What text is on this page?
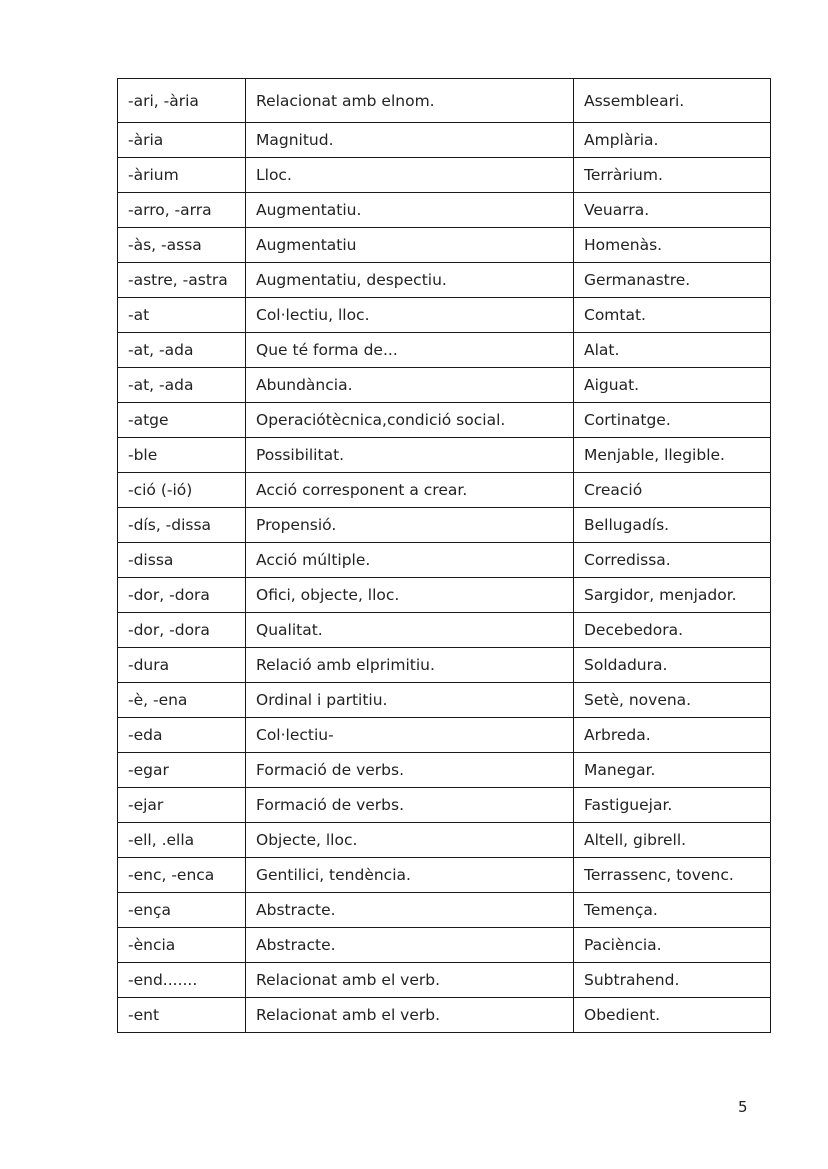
-ari, -ària	Relacionat amb elnom.	Assembleari.
-ària	Magnitud.	Amplària.
-àrium	Lloc.	Terràrium.
-arro, -arra	Augmentatiu.	Veuarra.
-às, -assa	Augmentatiu	Homenàs.
-astre, -astra	Augmentatiu, despectiu.	Germanastre.
-at	Col·lectiu, lloc.	Comtat.
-at, -ada	Que té forma de...	Alat.
-at, -ada	Abundància.	Aiguat.
-atge	Operaciótècnica,condició social.	Cortinatge.
-ble	Possibilitat.	Menjable, llegible.
-ció (-ió)	Acció corresponent a crear.	Creació
-dís, -dissa	Propensió.	Bellugadís.
-dissa	Acció múltiple.	Corredissa.
-dor, -dora	Ofici, objecte, lloc.	Sargidor, menjador.
-dor, -dora	Qualitat.	Decebedora.
-dura	Relació amb elprimitiu.	Soldadura.
-è, -ena	Ordinal i partitiu.	Setè, novena.
-eda	Col·lectiu-	Arbreda.
-egar	Formació de verbs.	Manegar.
-ejar	Formació de verbs.	Fastiguejar.
-ell, .ella	Objecte, lloc.	Altell, gibrell.
-enc, -enca	Gentilici, tendència.	Terrassenc, tovenc.
-ença	Abstracte.	Temença.
-ència	Abstracte.	Paciència.
-end.......	Relacionat amb el verb.	Subtrahend.
-ent	Relacionat amb el verb.	Obedient.
5
